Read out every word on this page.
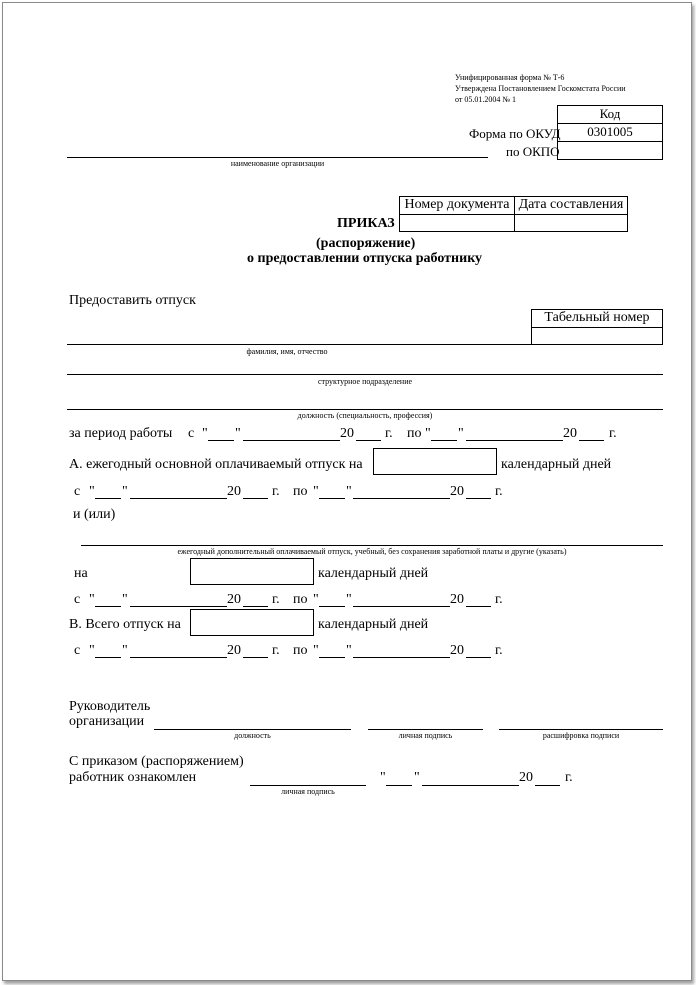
Унифицированная форма № Т-6
Утверждена Постановлением Госкомстата России
от 05.01.2004 № 1
Код
Форма по ОКУД	0301005
по ОКПО
наименование организации
Номер документа Дата составления
ПРИКАЗ
(распоряжение)
о предоставлении отпуска работнику
Предоставить отпуск
Табельный номер
фамилия, имя, отчество
структурное подразделение
должность (специальность, профессия)
за период работы с " "	20 г. по " "	20 г.
А. ежегодный основной оплачиваемый отпуск на	календарный дней
с " "	20 г. по " "	20 г.
и (или)
ежегодный дополнительный оплачиваемый отпуск, учебный, без сохранения заработной платы и другие (указать)
на	календарный дней
с " "	20 г. по " "	20 г.
В. Всего отпуск на	календарный дней
с " "	20 г. по " "	20 г.
Руководитель
организации
должность	личная подпись	расшифровка подписи
С приказом (распоряжением)
работник ознакомлен
личная подпись
" "	20 г.
